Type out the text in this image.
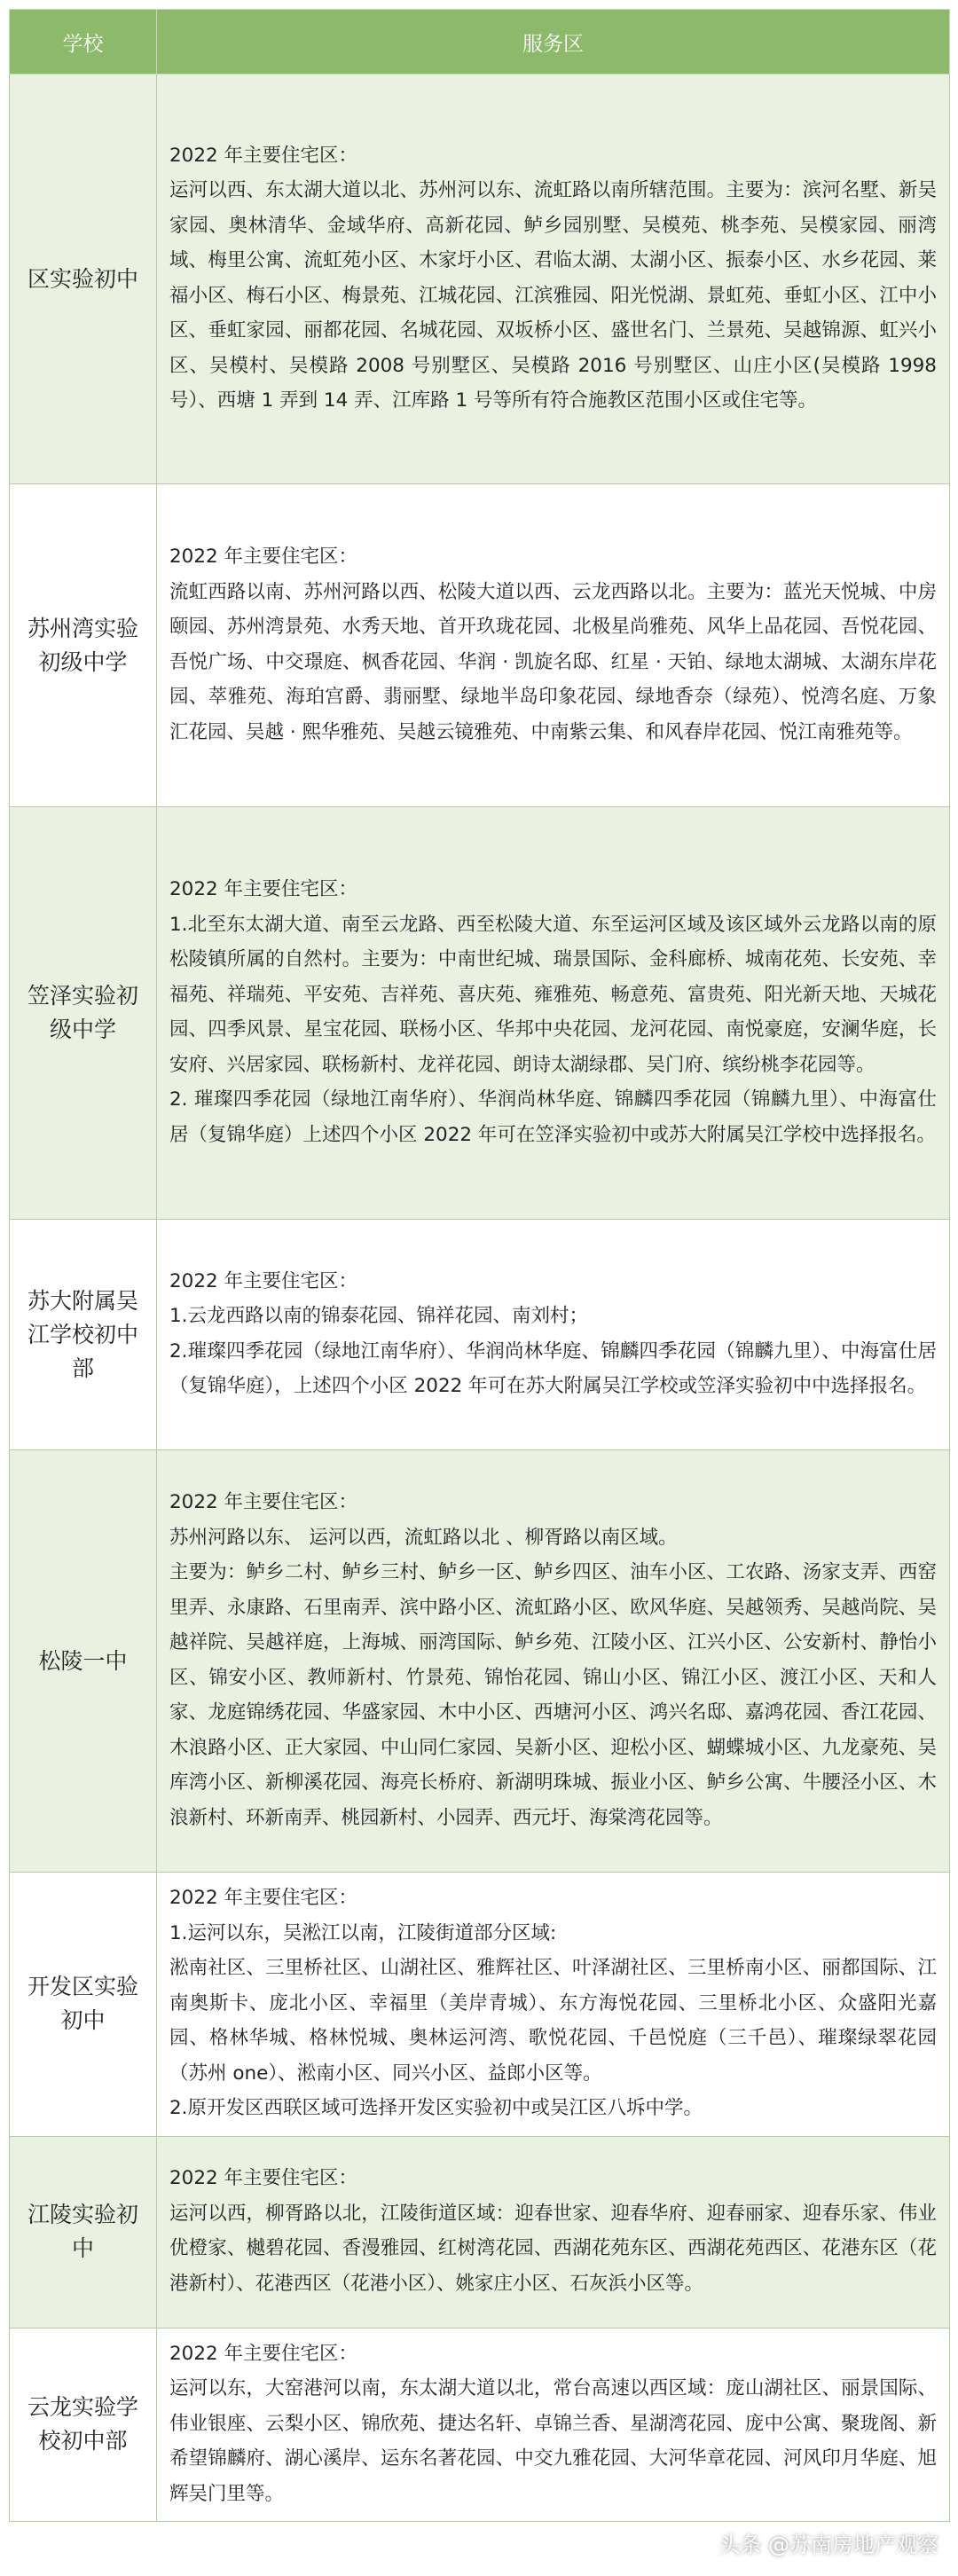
学校	服务区
区实验初中	2022 年主要住宅区：

运河以西、东太湖大道以北、苏州河以东、流虹路以南所辖范围。主要为：滨河名墅、新吴家园、奥林清华、金域华府、高新花园、鲈乡园别墅、吴模苑、桃李苑、吴模家园、丽湾域、梅里公寓、流虹苑小区、木家圩小区、君临太湖、太湖小区、振泰小区、水乡花园、莱福小区、梅石小区、梅景苑、江城花园、江滨雅园、阳光悦湖、景虹苑、垂虹小区、江中小区、垂虹家园、丽都花园、名城花园、双坂桥小区、盛世名门、兰景苑、吴越锦源、虹兴小区、吴模村、吴模路 2008 号别墅区、吴模路 2016 号别墅区、山庄小区(吴模路 1998 号）、西塘 1 弄到 14 弄、江库路 1 号等所有符合施教区范围小区或住宅等。

苏州湾实验初级中学	2022 年主要住宅区：

流虹西路以南、苏州河路以西、松陵大道以西、云龙西路以北。主要为：蓝光天悦城、中房颐园、苏州湾景苑、水秀天地、首开玖珑花园、北极星尚雅苑、风华上品花园、吾悦花园、吾悦广场、中交璟庭、枫香花园、华润 · 凯旋名邸、红星 · 天铂、绿地太湖城、太湖东岸花园、萃雅苑、海珀宫爵、翡丽墅、绿地半岛印象花园、绿地香奈（绿苑）、悦湾名庭、万象汇花园、吴越 · 熙华雅苑、吴越云镜雅苑、中南紫云集、和风春岸花园、悦江南雅苑等。

笠泽实验初级中学	2022 年主要住宅区：

1.北至东太湖大道、南至云龙路、西至松陵大道、东至运河区域及该区域外云龙路以南的原松陵镇所属的自然村。主要为：中南世纪城、瑞景国际、金科廊桥、城南花苑、长安苑、幸福苑、祥瑞苑、平安苑、吉祥苑、喜庆苑、雍雅苑、畅意苑、富贵苑、阳光新天地、天城花园、四季风景、星宝花园、联杨小区、华邦中央花园、龙河花园、南悦豪庭，安澜华庭，长安府、兴居家园、联杨新村、龙祥花园、朗诗太湖绿郡、吴门府、缤纷桃李花园等。

2. 璀璨四季花园（绿地江南华府）、华润尚林华庭、锦麟四季花园（锦麟九里）、中海富仕居（复锦华庭）上述四个小区 2022 年可在笠泽实验初中或苏大附属吴江学校中选择报名。

苏大附属吴江学校初中部	2022 年主要住宅区：

1.云龙西路以南的锦泰花园、锦祥花园、南刘村；

2.璀璨四季花园（绿地江南华府）、华润尚林华庭、锦麟四季花园（锦麟九里）、中海富仕居（复锦华庭），上述四个小区 2022 年可在苏大附属吴江学校或笠泽实验初中中选择报名。

松陵一中	2022 年主要住宅区：

苏州河路以东、 运河以西，流虹路以北 、柳胥路以南区域。

主要为：鲈乡二村、鲈乡三村、鲈乡一区、鲈乡四区、油车小区、工农路、汤家支弄、西窑里弄、永康路、石里南弄、滨中路小区、流虹路小区、欧风华庭、吴越领秀、吴越尚院、吴越祥院、吴越祥庭，上海城、丽湾国际、鲈乡苑、江陵小区、江兴小区、公安新村、静怡小区、锦安小区、教师新村、竹景苑、锦怡花园、锦山小区、锦江小区、渡江小区、天和人家、龙庭锦绣花园、华盛家园、木中小区、西塘河小区、鸿兴名邸、嘉鸿花园、香江花园、木浪路小区、正大家园、中山同仁家园、吴新小区、迎松小区、蝴蝶城小区、九龙豪苑、吴库湾小区、新柳溪花园、海亮长桥府、新湖明珠城、振业小区、鲈乡公寓、牛腰泾小区、木浪新村、环新南弄、桃园新村、小园弄、西元圩、海棠湾花园等。

开发区实验初中	2022 年主要住宅区：

1.运河以东，吴淞江以南，江陵街道部分区域:

淞南社区、三里桥社区、山湖社区、雅辉社区、叶泽湖社区、三里桥南小区、丽都国际、江南奥斯卡、庞北小区、幸福里（美岸青城）、东方海悦花园、三里桥北小区、众盛阳光嘉园、格林华城、格林悦城、奥林运河湾、歌悦花园、千邑悦庭（三千邑）、璀璨绿翠花园（苏州 one）、淞南小区、同兴小区、益郎小区等。

2.原开发区西联区域可选择开发区实验初中或吴江区八坼中学。

江陵实验初中	2022 年主要住宅区：

运河以西，柳胥路以北，江陵街道区域：迎春世家、迎春华府、迎春丽家、迎春乐家、伟业优橙家、樾碧花园、香漫雅园、红树湾花园、西湖花苑东区、西湖花苑西区、花港东区（花港新村）、花港西区（花港小区）、姚家庄小区、石灰浜小区等。

云龙实验学校初中部	2022 年主要住宅区：

运河以东，大窑港河以南，东太湖大道以北，常台高速以西区域：庞山湖社区、丽景国际、伟业银座、云梨小区、锦欣苑、捷达名轩、卓锦兰香、星湖湾花园、庞中公寓、聚珑阁、新希望锦麟府、湖心溪岸、运东名著花园、中交九雅花园、大河华章花园、河风印月华庭、旭辉吴门里等。

头条 @苏南房地产观察
